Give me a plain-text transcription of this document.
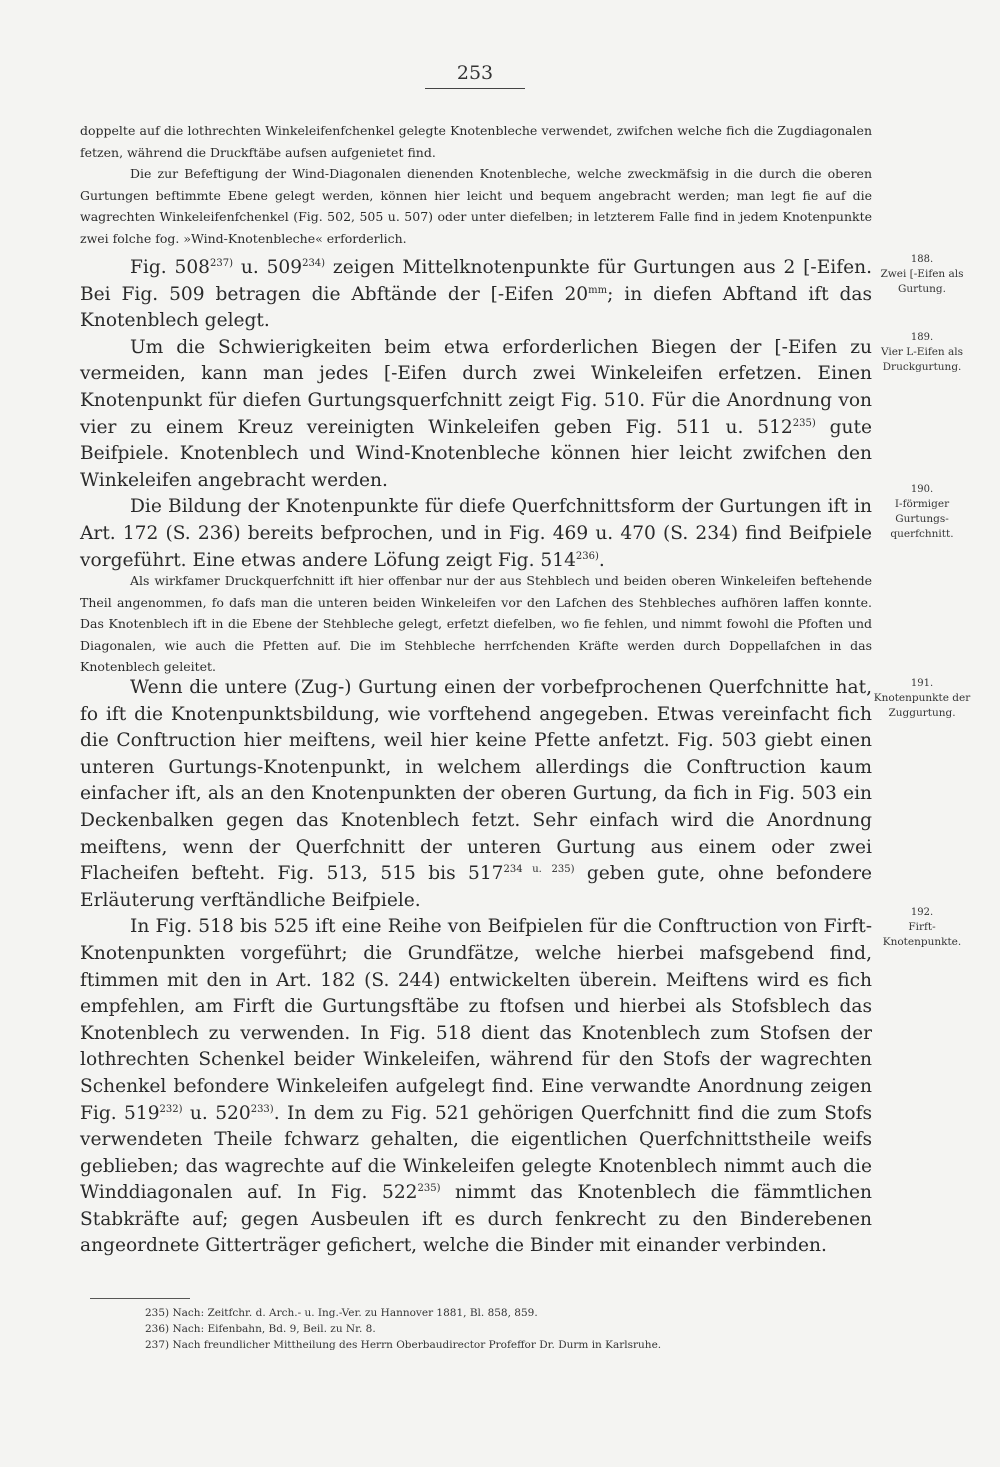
253

doppelte auf die lothrechten Winkeleifenfchenkel gelegte Knotenbleche verwendet, zwifchen welche fich die Zugdiagonalen fetzen, während die Druckftäbe aufsen aufgenietet find.

Die zur Befeftigung der Wind-Diagonalen dienenden Knotenbleche, welche zweckmäfsig in die durch die oberen Gurtungen beftimmte Ebene gelegt werden, können hier leicht und bequem angebracht werden; man legt fie auf die wagrechten Winkeleifenfchenkel (Fig. 502, 505 u. 507) oder unter diefelben; in letzterem Falle find in jedem Knotenpunkte zwei folche fog. »Wind-Knotenbleche« erforderlich.

Fig. 508$^{237)}$ u. 509$^{234)}$ zeigen Mittelknotenpunkte für Gurtungen aus 2 [-Eifen. Bei Fig. 509 betragen die Abftände der [-Eifen $20^{mm}$; in diefen Abftand ift das Knotenblech gelegt.

Um die Schwierigkeiten beim etwa erforderlichen Biegen der [-Eifen zu vermeiden, kann man jedes [-Eifen durch zwei Winkeleifen erfetzen. Einen Knotenpunkt für diefen Gurtungsquerfchnitt zeigt Fig. 510. Für die Anordnung von vier zu einem Kreuz vereinigten Winkeleifen geben Fig. 511 u. 512$^{235)}$ gute Beifpiele. Knotenblech und Wind-Knotenbleche können hier leicht zwifchen den Winkeleifen angebracht werden.

Die Bildung der Knotenpunkte für diefe Querfchnittsform der Gurtungen ift in Art. 172 (S. 236) bereits befprochen, und in Fig. 469 u. 470 (S. 234) find Beifpiele vorgeführt. Eine etwas andere Löfung zeigt Fig. 514$^{236)}$.

Als wirkfamer Druckquerfchnitt ift hier offenbar nur der aus Stehblech und beiden oberen Winkeleifen beftehende Theil angenommen, fo dafs man die unteren beiden Winkeleifen vor den Lafchen des Stehbleches aufhören laffen konnte. Das Knotenblech ift in die Ebene der Stehbleche gelegt, erfetzt diefelben, wo fie fehlen, und nimmt fowohl die Pfoften und Diagonalen, wie auch die Pfetten auf. Die im Stehbleche herrfchenden Kräfte werden durch Doppellafchen in das Knotenblech geleitet.

Wenn die untere (Zug-) Gurtung einen der vorbefprochenen Querfchnitte hat, fo ift die Knotenpunktsbildung, wie vorftehend angegeben. Etwas vereinfacht fich die Conftruction hier meiftens, weil hier keine Pfette anfetzt. Fig. 503 giebt einen unteren Gurtungs-Knotenpunkt, in welchem allerdings die Conftruction kaum einfacher ift, als an den Knotenpunkten der oberen Gurtung, da fich in Fig. 503 ein Deckenbalken gegen das Knotenblech fetzt. Sehr einfach wird die Anordnung meiftens, wenn der Querfchnitt der unteren Gurtung aus einem oder zwei Flacheifen befteht. Fig. 513, 515 bis $517^{234 u. 235)}$ geben gute, ohne befondere Erläuterung verftändliche Beifpiele.

In Fig. 518 bis 525 ift eine Reihe von Beifpielen für die Conftruction von Firft-Knotenpunkten vorgeführt; die Grundfätze, welche hierbei mafsgebend find, ftimmen mit den in Art. 182 (S. 244) entwickelten überein. Meiftens wird es fich empfehlen, am Firft die Gurtungsftäbe zu ftofsen und hierbei als Stofsblech das Knotenblech zu verwenden. In Fig. 518 dient das Knotenblech zum Stofsen der lothrechten Schenkel beider Winkeleifen, während für den Stofs der wagrechten Schenkel befondere Winkeleifen aufgelegt find. Eine verwandte Anordnung zeigen Fig. 519$^{232)}$ u. 520$^{233)}$. In dem zu Fig. 521 gehörigen Querfchnitt find die zum Stofs verwendeten Theile fchwarz gehalten, die eigentlichen Querfchnittstheile weifs geblieben; das wagrechte auf die Winkeleifen gelegte Knotenblech nimmt auch die Winddiagonalen auf. In Fig. 522$^{235)}$ nimmt das Knotenblech die fämmtlichen Stabkräfte auf; gegen Ausbeulen ift es durch fenkrecht zu den Binderebenen angeordnete Gitterträger gefichert, welche die Binder mit einander verbinden.

188.
Zwei [-Eifen als Gurtung.
189.
Vier L-Eifen als Druckgurtung.
190.
I-förmiger Gurtungs-querfchnitt.
191.
Knotenpunkte der Zuggurtung.
192.
Firft-Knotenpunkte.
235) Nach: Zeitfchr. d. Arch.- u. Ing.-Ver. zu Hannover 1881, Bl. 858, 859.
236) Nach: Eifenbahn, Bd. 9, Beil. zu Nr. 8.
237) Nach freundlicher Mittheilung des Herrn Oberbaudirector Profeffor Dr. Durm in Karlsruhe.
